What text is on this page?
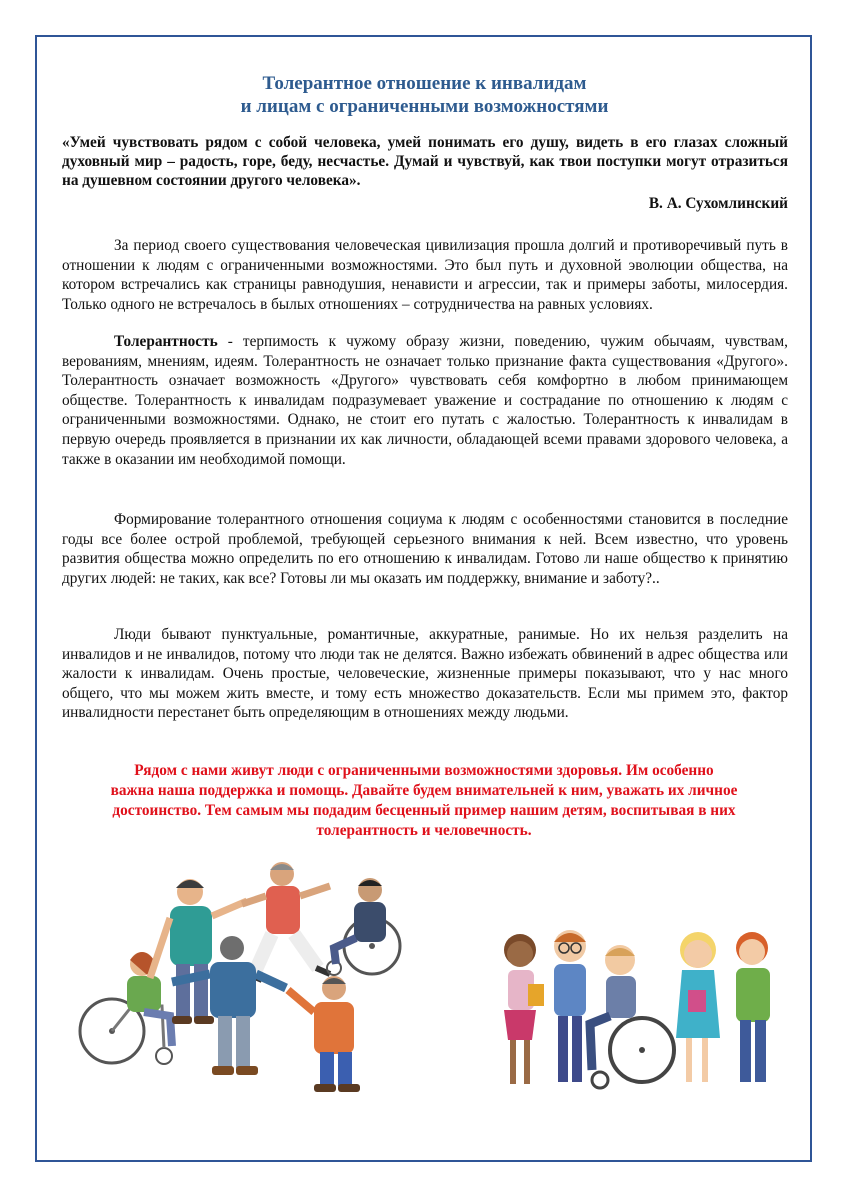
Толерантное отношение к инвалидам
и лицам с ограниченными возможностями
«Умей чувствовать рядом с собой человека, умей понимать его душу, видеть в его глазах сложный духовный мир – радость, горе, беду, несчастье. Думай и чувствуй, как твои поступки могут отразиться на душевном состоянии другого человека».
В. А. Сухомлинский

За период своего существования человеческая цивилизация прошла долгий и противоречивый путь в отношении к людям с ограниченными возможностями. Это был путь и духовной эволюции общества, на котором встречались как страницы равнодушия, ненависти и агрессии, так и примеры заботы, милосердия. Только одного не встречалось в былых отношениях – сотрудничества на равных условиях.

Толерантность - терпимость к чужому образу жизни, поведению, чужим обычаям, чувствам, верованиям, мнениям, идеям. Толерантность не означает только признание факта существования «Другого». Толерантность означает возможность «Другого» чувствовать себя комфортно в любом принимающем обществе. Толерантность к инвалидам подразумевает уважение и сострадание по отношению к людям с ограниченными возможностями. Однако, не стоит его путать с жалостью. Толерантность к инвалидам в первую очередь проявляется в признании их как личности, обладающей всеми правами здорового человека, а также в оказании им необходимой помощи.

Формирование толерантного отношения социума к людям с особенностями становится в последние годы все более острой проблемой, требующей серьезного внимания к ней. Всем известно, что уровень развития общества можно определить по его отношению к инвалидам. Готово ли наше общество к принятию других людей: не таких, как все? Готовы ли мы оказать им поддержку, внимание и заботу?..

Люди бывают пунктуальные, романтичные, аккуратные, ранимые. Но их нельзя разделить на инвалидов и не инвалидов, потому что люди так не делятся. Важно избежать обвинений в адрес общества или жалости к инвалидам. Очень простые, человеческие, жизненные примеры показывают, что у нас много общего, что мы можем жить вместе, и тому есть множество доказательств. Если мы примем это, фактор инвалидности перестанет быть определяющим в отношениях между людьми.

Рядом с нами живут люди с ограниченными возможностями здоровья. Им особенно
важна наша поддержка и помощь. Давайте будем внимательней к ним, уважать их личное
достоинство. Тем самым мы подадим бесценный пример нашим детям, воспитывая в них
толерантность и человечность.
